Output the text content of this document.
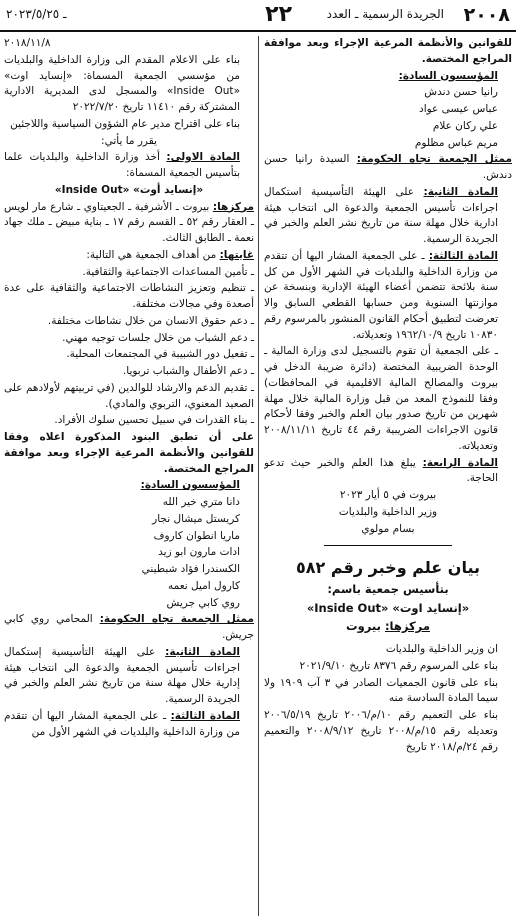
٢٠٠٨
الجريدة الرسمية ـ العدد
٢٢
ـ ٢٠٢٣/٥/٢٥

للقوانين والأنظمة المرعية الإجراء وبعد موافقة المراجع المختصة.

المؤسسون السادة:

رانيا حسن دندش

عباس عيسى عواد

علي ركان علام

مريم عباس مظلوم

ممثل الجمعية تجاه الحكومة: السيدة رانيا حسن دندش.

المادة الثانية: على الهيئة التأسيسية استكمال اجراءات تأسيس الجمعية والدعوة الى انتخاب هيئة ادارية خلال مهلة سنة من تاريخ نشر العلم والخبر في الجريدة الرسمية.

المادة الثالثة: ـ على الجمعية المشار اليها أن تتقدم من وزارة الداخلية والبلديات في الشهر الأول من كل سنة بلائحة تتضمن أعضاء الهيئة الإدارية وبنسخة عن موازنتها السنوية ومن حسابها القطعي السابق والا تعرضت لتطبيق أحكام القانون المنشور بالمرسوم رقم ١٠٨٣٠ تاريخ ١٩٦٢/١٠/٩ وتعديلاته.

ـ على الجمعية أن تقوم بالتسجيل لدى وزارة المالية ـ الوحدة الضريبية المختصة (دائرة ضريبة الدخل في بيروت والمصالح المالية الاقليمية في المحافظات) وفقا للنموذج المعد من قبل وزارة المالية خلال مهلة شهرين من تاريخ صدور بيان العلم والخبر وفقا لأحكام قانون الاجراءات الضريبية رقم ٤٤ تاريخ ٢٠٠٨/١١/١١ وتعديلاته.

المادة الرابعة: يبلغ هذا العلم والخبر حيث تدعو الحاجة.

بيروت في ٥ أيار ٢٠٢٣

وزير الداخلية والبلديات

بسام مولوي

بيان علم وخبر رقم ٥٨٢

بتأسيس جمعية باسم:

«إنسايد اوت» «Inside Out»

مركزها: بيروت

ان وزير الداخلية والبلديات

بناء على المرسوم رقم ٨٣٧٦ تاريخ ٢٠٢١/٩/١٠

بناء على قانون الجمعيات الصادر في ٣ آب ١٩٠٩ ولا سيما المادة السادسة منه

بناء على التعميم رقم ١٠/م/٢٠٠٦ تاريخ ٢٠٠٦/٥/١٩ وتعديله رقم ١٥/م/٢٠٠٨ تاريخ ٢٠٠٨/٩/١٢ والتعميم رقم ٢٤/م/٢٠١٨ تاريخ

٢٠١٨/١١/٨

بناء على الاعلام المقدم الى وزارة الداخلية والبلديات من مؤسسي الجمعية المسماة: «إنسايد اوت» «Inside Out» والمسجل لدى المديرية الادارية المشتركة رقم ١١٤١٠ تاريخ ٢٠٢٢/٧/٢٠

بناء على اقتراح مدير عام الشؤون السياسية واللاجئين

يقرر ما يأتي:

المادة الاولى: أخذ وزارة الداخلية والبلديات علما بتأسيس الجمعية المسماة:

«إنسايد أوت» «Inside Out»

مركزها: بيروت ـ الأشرفية ـ الجعيتاوي ـ شارع مار لويس ـ العقار رقم ٥٢ ـ القسم رقم ١٧ ـ بناية مبيض ـ ملك جهاد نعمة ـ الطابق الثالث.

غايتها: من أهداف الجمعية هي التالية:

ـ تأمين المساعدات الاجتماعية والثقافية.

ـ تنظيم وتعزيز النشاطات الاجتماعية والثقافية على عدة أصعدة وفي مجالات مختلفة.

ـ دعم حقوق الانسان من خلال نشاطات مختلفة.

ـ دعم الشباب من خلال جلسات توجيه مهني.

ـ تفعيل دور الشبيبة في المجتمعات المحلية.

ـ دعم الأطفال والشباب تربويا.

ـ تقديم الدعم والارشاد للوالدين (في تربيتهم لأولادهم على الصعيد المعنوي، التربوي والمادي).

ـ بناء القدرات في سبيل تحسين سلوك الأفراد.

على أن تطبق البنود المذكورة اعلاه وفقا للقوانين والأنظمة المرعية الإجراء وبعد موافقة المراجع المختصة.

المؤسسون السادة:

دانا متري خير الله

كريستل ميشال نجار

ماريا انطوان كاروف

ادات مارون ابو زيد

الكسندرا فؤاد شبطيني

كارول اميل نعمه

روي كابي جريش

ممثل الجمعية تجاه الحكومة: المحامي روي كابي جريش.

المادة الثانية: على الهيئة التأسيسية إستكمال اجراءات تأسيس الجمعية والدعوة الى انتخاب هيئة إدارية خلال مهلة سنة من تاريخ نشر العلم والخبر في الجريدة الرسمية.

المادة الثالثة: ـ على الجمعية المشار اليها أن تتقدم من وزارة الداخلية والبلديات في الشهر الأول من
